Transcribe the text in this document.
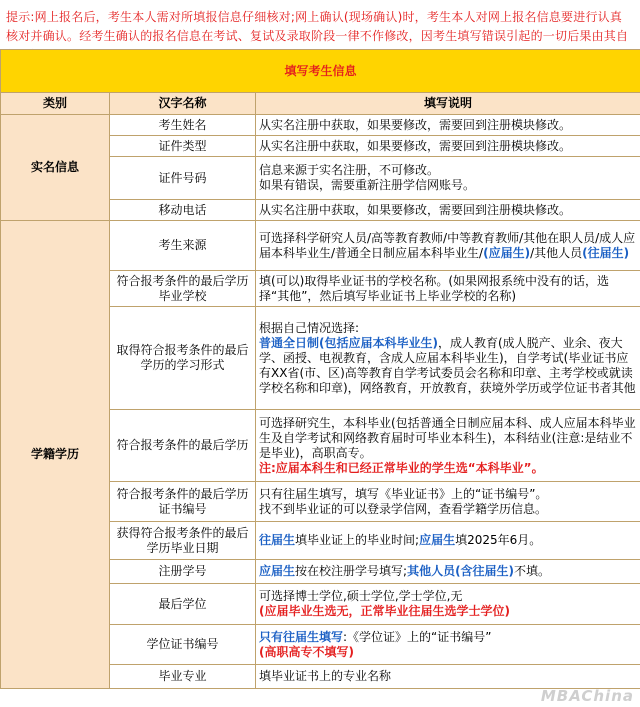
提示:网上报名后，考生本人需对所填报信息仔细核对;网上确认(现场确认)时，考生本人对网上报名信息要进行认真核对并确认。经考生确认的报名信息在考试、复试及录取阶段一律不作修改，因考生填写错误引起的一切后果由其自
填写考生信息		
类别	汉字名称	填写说明
实名信息	考生姓名	从实名注册中获取，如果要修改，需要回到注册模块修改。
	证件类型	从实名注册中获取，如果要修改，需要回到注册模块修改。
	证件号码	信息来源于实名注册，不可修改。
如果有错误，需要重新注册学信网账号。

	移动电话	从实名注册中获取，如果要修改，需要回到注册模块修改。
学籍学历	考生来源	可选择科学研究人员/高等教育教师/中等教育教师/其他在职人员/成人应届本科毕业生/普通全日制应届本科毕业生/(应届生)/其他人员(往届生)
	符合报考条件的最后学历毕业学校	填(可以)取得毕业证书的学校名称。(如果网报系统中没有的话，选择“其他”，然后填写毕业证书上毕业学校的名称)
	取得符合报考条件的最后学历的学习形式	根据自己情况选择:
普通全日制(包括应届本科毕业生)，成人教育(成人脱产、业余、夜大学、函授、电视教育，含成人应届本科毕业生)，自学考试(毕业证书应有XX省(市、区)高等教育自学考试委员会名称和印章、主考学校或就读学校名称和印章)，网络教育，开放教育，获境外学历或学位证书者其他
	符合报考条件的最后学历	可选择研究生，本科毕业(包括普通全日制应届本科、成人应届本科毕业生及自学考试和网络教育届时可毕业本科生)，本科结业(注意:是结业不是毕业)，高职高专。
注:应届本科生和已经正常毕业的学生选“本科毕业”。

	符合报考条件的最后学历证书编号	只有往届生填写，填写《毕业证书》上的“证书编号”。
找不到毕业证的可以登录学信网，查看学籍学历信息。

	获得符合报考条件的最后学历毕业日期	往届生填毕业证上的毕业时间;应届生填2025年6月。
	注册学号	应届生按在校注册学号填写;其他人员(含往届生)不填。
	最后学位	可选择博士学位,硕士学位,学士学位,无
(应届毕业生选无，正常毕业往届生选学士学位)

	学位证书编号	只有往届生填写:《学位证》上的“证书编号”
(高职高专不填写)

	毕业专业	填毕业证书上的专业名称
MBAChina
